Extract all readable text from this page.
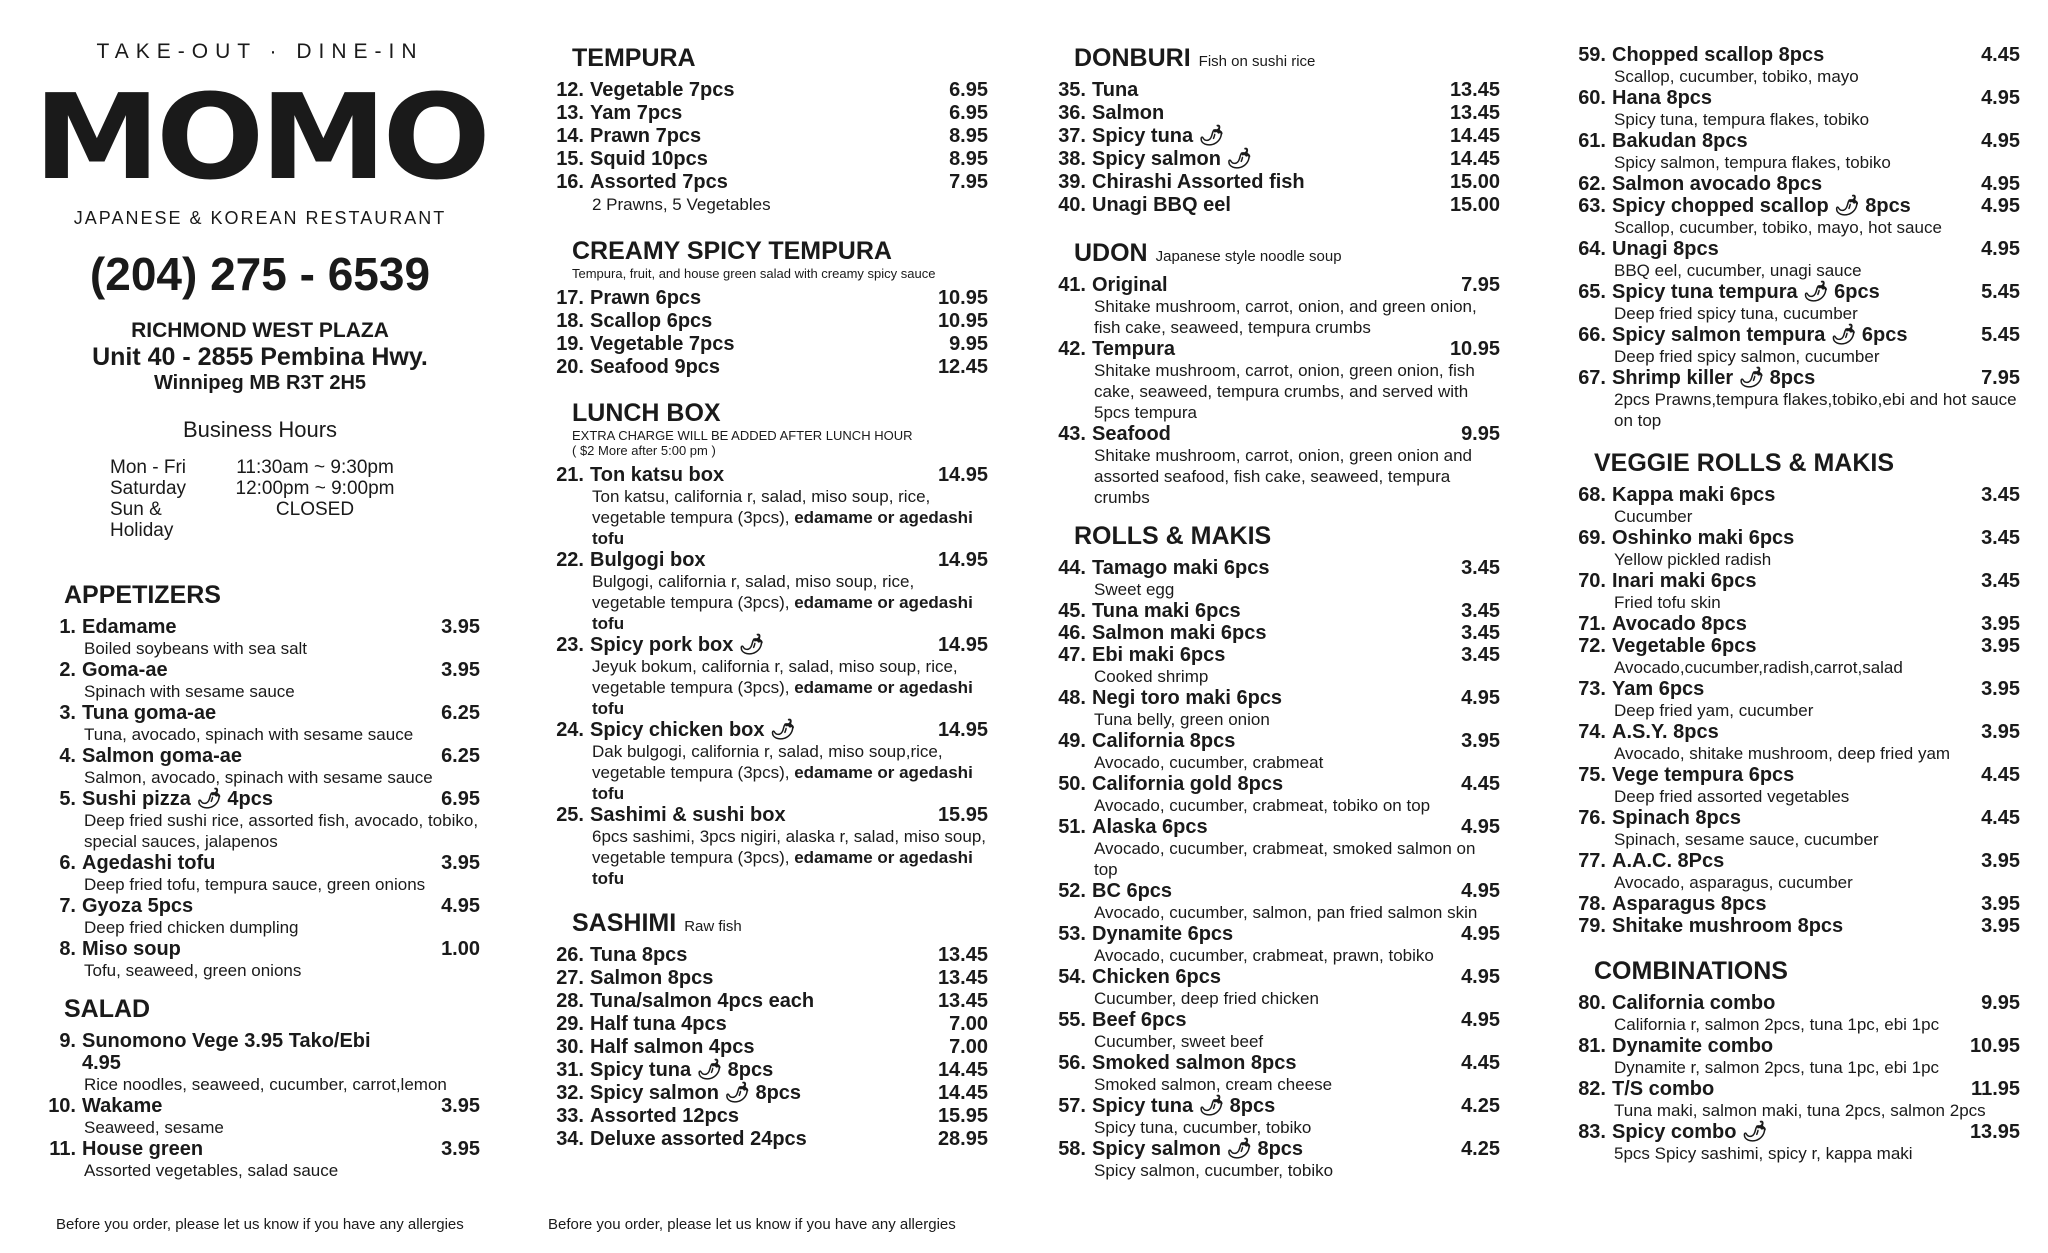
TAKE-OUT · DINE-IN
MOMO
JAPANESE & KOREAN RESTAURANT
(204) 275 - 6539
RICHMOND WEST PLAZA
Unit 40 - 2855 Pembina Hwy.
Winnipeg MB R3T 2H5
Business Hours
Mon - Fri	11:30am ~ 9:30pm
Saturday	12:00pm ~ 9:00pm
Sun & Holiday
CLOSED
APPETIZERS
1. Edamame	3.95
Boiled soybeans with sea salt
2. Goma-ae	3.95
Spinach with sesame sauce
3. Tuna goma-ae	6.25
Tuna, avocado, spinach with sesame sauce
4. Salmon goma-ae	6.25
Salmon, avocado, spinach with sesame sauce
5. Sushi pizza 🌶 4pcs	6.95
Deep fried sushi rice, assorted fish, avocado, tobiko, special sauces, jalapenos
6. Agedashi tofu	3.95
Deep fried tofu, tempura sauce, green onions
7. Gyoza 5pcs	4.95
Deep fried chicken dumpling
8. Miso soup	1.00
Tofu, seaweed, green onions
SALAD
9. Sunomono Vege 3.95 Tako/Ebi 4.95
Rice noodles, seaweed, cucumber, carrot,lemon
10. Wakame	3.95
Seaweed, sesame
11. House green	3.95
Assorted vegetables, salad sauce
Before you order, please let us know if you have any allergies
TEMPURA
12. Vegetable 7pcs	6.95
13. Yam 7pcs	6.95
14. Prawn 7pcs	8.95
15. Squid 10pcs	8.95
16. Assorted 7pcs	7.95
2 Prawns, 5 Vegetables
CREAMY SPICY TEMPURA
Tempura, fruit, and house green salad with creamy spicy sauce
17. Prawn 6pcs	10.95
18. Scallop 6pcs	10.95
19. Vegetable 7pcs	9.95
20. Seafood 9pcs	12.45
LUNCH BOX
EXTRA CHARGE WILL BE ADDED AFTER LUNCH HOUR
( $2 More after 5:00 pm )
21. Ton katsu box	14.95
Ton katsu, california r, salad, miso soup, rice,
vegetable tempura (3pcs), edamame or agedashi tofu
22. Bulgogi box	14.95
Bulgogi, california r, salad, miso soup, rice,
vegetable tempura (3pcs), edamame or agedashi tofu
23. Spicy pork box 🌶	14.95
Jeyuk bokum, california r, salad, miso soup, rice,
vegetable tempura (3pcs), edamame or agedashi tofu
24. Spicy chicken box 🌶	14.95
Dak bulgogi, california r, salad, miso soup,rice,
vegetable tempura (3pcs), edamame or agedashi tofu
25. Sashimi & sushi box	15.95
6pcs sashimi, 3pcs nigiri, alaska r, salad, miso soup,
vegetable tempura (3pcs), edamame or agedashi tofu
SASHIMI Raw fish
26. Tuna 8pcs	13.45
27. Salmon 8pcs	13.45
28. Tuna/salmon 4pcs each	13.45
29. Half tuna 4pcs	7.00
30. Half salmon 4pcs	7.00
31. Spicy tuna 🌶 8pcs	14.45
32. Spicy salmon 🌶 8pcs	14.45
33. Assorted 12pcs	15.95
34. Deluxe assorted 24pcs	28.95
Before you order, please let us know if you have any allergies
DONBURI Fish on sushi rice
35. Tuna	13.45
36. Salmon	13.45
37. Spicy tuna 🌶	14.45
38. Spicy salmon 🌶	14.45
39. Chirashi Assorted fish	15.00
40. Unagi BBQ eel	15.00
UDON Japanese style noodle soup
41. Original	7.95
Shitake mushroom, carrot, onion, and green onion, fish cake, seaweed, tempura crumbs
42. Tempura	10.95
Shitake mushroom, carrot, onion, green onion, fish cake, seaweed, tempura crumbs, and served with 5pcs tempura
43. Seafood	9.95
Shitake mushroom, carrot, onion, green onion and assorted seafood, fish cake, seaweed, tempura crumbs
ROLLS & MAKIS
44. Tamago maki 6pcs	3.45
Sweet egg
45. Tuna maki 6pcs	3.45
46. Salmon maki 6pcs	3.45
47. Ebi maki 6pcs	3.45
Cooked shrimp
48. Negi toro maki 6pcs	4.95
Tuna belly, green onion
49. California 8pcs	3.95
Avocado, cucumber, crabmeat
50. California gold 8pcs	4.45
Avocado, cucumber, crabmeat, tobiko on top
51. Alaska 6pcs	4.95
Avocado, cucumber, crabmeat, smoked salmon on top
52. BC 6pcs	4.95
Avocado, cucumber, salmon, pan fried salmon skin
53. Dynamite 6pcs	4.95
Avocado, cucumber, crabmeat, prawn, tobiko
54. Chicken 6pcs	4.95
Cucumber, deep fried chicken
55. Beef 6pcs	4.95
Cucumber, sweet beef
56. Smoked salmon 8pcs	4.45
Smoked salmon, cream cheese
57. Spicy tuna 🌶 8pcs	4.25
Spicy tuna, cucumber, tobiko
58. Spicy salmon 🌶 8pcs	4.25
Spicy salmon, cucumber, tobiko
59. Chopped scallop 8pcs	4.45
Scallop, cucumber, tobiko, mayo
60. Hana 8pcs	4.95
Spicy tuna, tempura flakes, tobiko
61. Bakudan 8pcs	4.95
Spicy salmon, tempura flakes, tobiko
62. Salmon avocado 8pcs	4.95
63. Spicy chopped scallop 🌶 8pcs	4.95
Scallop, cucumber, tobiko, mayo, hot sauce
64. Unagi 8pcs	4.95
BBQ eel, cucumber, unagi sauce
65. Spicy tuna tempura 🌶 6pcs	5.45
Deep fried spicy tuna, cucumber
66. Spicy salmon tempura 🌶 6pcs	5.45
Deep fried spicy salmon, cucumber
67. Shrimp killer 🌶 8pcs	7.95
2pcs Prawns,tempura flakes,tobiko,ebi and hot sauce on top
VEGGIE ROLLS & MAKIS
68. Kappa maki 6pcs	3.45
Cucumber
69. Oshinko maki 6pcs	3.45
Yellow pickled radish
70. Inari maki 6pcs	3.45
Fried tofu skin
71. Avocado 8pcs	3.95
72. Vegetable 6pcs	3.95
Avocado,cucumber,radish,carrot,salad
73. Yam 6pcs	3.95
Deep fried yam, cucumber
74. A.S.Y. 8pcs	3.95
Avocado, shitake mushroom, deep fried yam
75. Vege tempura 6pcs	4.45
Deep fried assorted vegetables
76. Spinach 8pcs	4.45
Spinach, sesame sauce, cucumber
77. A.A.C. 8Pcs	3.95
Avocado, asparagus, cucumber
78. Asparagus 8pcs	3.95
79. Shitake mushroom 8pcs	3.95
COMBINATIONS
80. California combo	9.95
California r, salmon 2pcs, tuna 1pc, ebi 1pc
81. Dynamite combo	10.95
Dynamite r, salmon 2pcs, tuna 1pc, ebi 1pc
82. T/S combo	11.95
Tuna maki, salmon maki, tuna 2pcs, salmon 2pcs
83. Spicy combo 🌶	13.95
5pcs Spicy sashimi, spicy r, kappa maki
